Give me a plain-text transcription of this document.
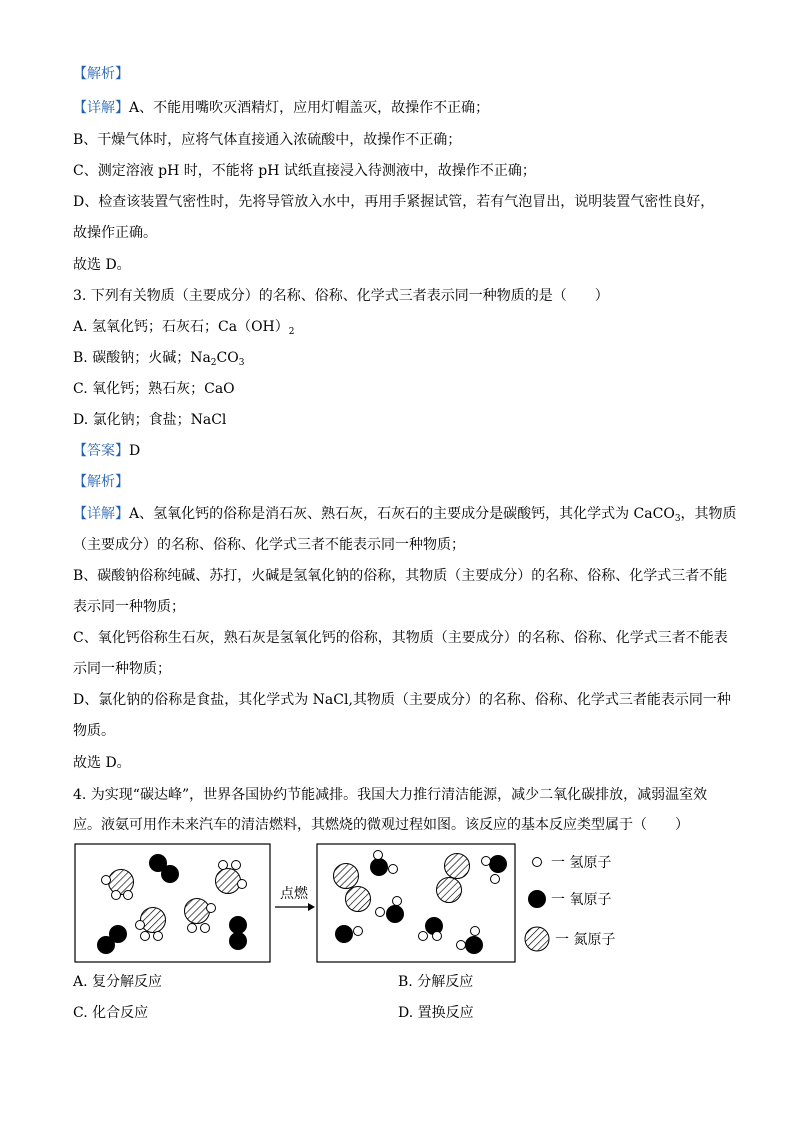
【解析】
【详解】A、不能用嘴吹灭酒精灯，应用灯帽盖灭，故操作不正确；
B、干燥气体时，应将气体直接通入浓硫酸中，故操作不正确；
C、测定溶液 pH 时，不能将 pH 试纸直接浸入待测液中，故操作不正确；
D、检查该装置气密性时，先将导管放入水中，再用手紧握试管，若有气泡冒出，说明装置气密性良好，
故操作正确。
故选 D。
3. 下列有关物质（主要成分）的名称、俗称、化学式三者表示同一种物质的是（　　）
A. 氢氧化钙；石灰石；$Ca(OH)_2$
B. 碳酸钠；火碱；$Na_2CO_3$
C. 氧化钙；熟石灰；CaO
D. 氯化钠；食盐；NaCl
【答案】D
【解析】
【详解】A、氢氧化钙的俗称是消石灰、熟石灰，石灰石的主要成分是碳酸钙，其化学式为 CaCO$_3$，其物质
（主要成分）的名称、俗称、化学式三者不能表示同一种物质；
B、碳酸钠俗称纯碱、苏打，火碱是氢氧化钠的俗称，其物质（主要成分）的名称、俗称、化学式三者不能
表示同一种物质；
C、氧化钙俗称生石灰，熟石灰是氢氧化钙的俗称，其物质（主要成分）的名称、俗称、化学式三者不能表
示同一种物质；
D、氯化钠的俗称是食盐，其化学式为 NaCl,其物质（主要成分）的名称、俗称、化学式三者能表示同一种
物质。
故选 D。
4. 为实现“碳达峰”，世界各国协约节能减排。我国大力推行清洁能源，减少二氧化碳排放，减弱温室效
应。液氨可用作未来汽车的清洁燃料，其燃烧的微观过程如图。该反应的基本反应类型属于（　　）
点燃
一 氢原子
一 氧原子
一 氮原子
A. 复分解反应	B. 分解反应
C. 化合反应	D. 置换反应
